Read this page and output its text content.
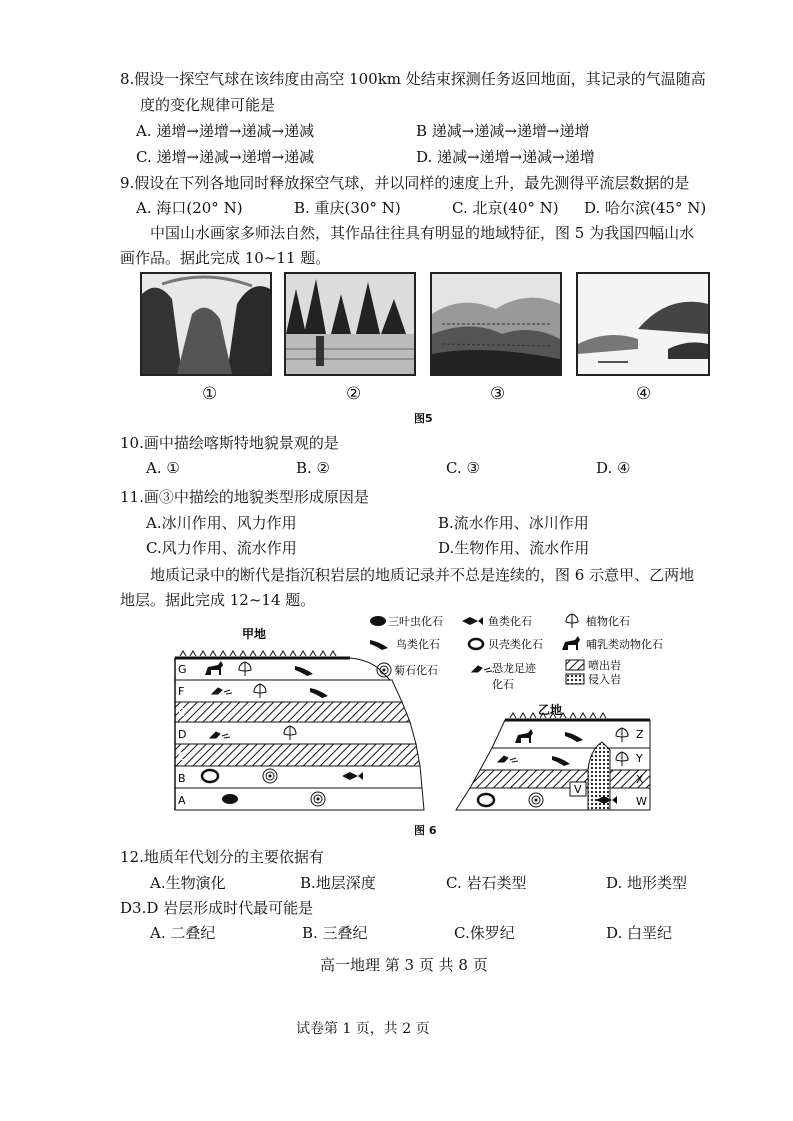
8.假设一探空气球在该纬度由高空 100km 处结束探测任务返回地面，其记录的气温随高
度的变化规律可能是
A. 递增→递增→递减→递减	B 递减→递减→递增→递增
C. 递增→递减→递增→递减	D. 递减→递增→递减→递增
9.假设在下列各地同时释放探空气球，并以同样的速度上升，最先测得平流层数据的是
A. 海口(20° N)	B. 重庆(30° N)	C. 北京(40° N) D. 哈尔滨(45° N)
中国山水画家多师法自然，其作品往往具有明显的地域特征，图 5 为我国四幅山水
画作品。据此完成 10~11 题。
①	②	③	④
图5
10.画中描绘喀斯特地貌景观的是
A. ①	B. ②	C. ③	D. ④
11.画③中描绘的地貌类型形成原因是
A.冰川作用、风力作用	B.流水作用、冰川作用
C.风力作用、流水作用	D.生物作用、流水作用
地质记录中的断代是指沉积岩层的地质记录并不总是连续的，图 6 示意甲、乙两地
地层。据此完成 12~14 题。
甲地
G
F
E
D
C
B
A
三叶虫化石	鱼类化石	植物化石
鸟类化石	贝壳类化石	哺乳类动物化石
菊石化石	恐龙足迹
化石
喷出岩
侵入岩
乙地
Z
Y
X
W
V
图 6
12.地质年代划分的主要依据有
A.生物演化	B.地层深度	C. 岩石类型	D. 地形类型
D3.D 岩层形成时代最可能是
A. 二叠纪	B. 三叠纪	C.侏罗纪	D. 白垩纪
高一地理 第 3 页 共 8 页
试卷第 1 页，共 2 页
